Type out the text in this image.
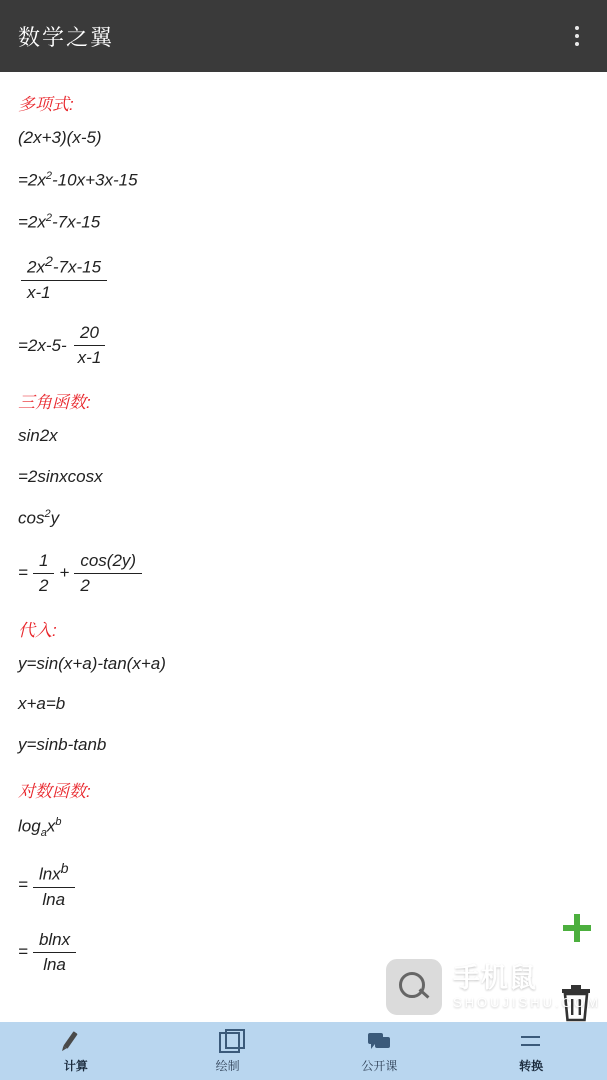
数学之翼
多项式:
(2x+3)(x-5)
$=2x^2-10x+3x-15$
$=2x^2-7x-15$
$\frac{2x^2-7x-15}{x-1}$
$=2x-5- \frac{20}{x-1}$
三角函数:
sin2x
=2sinxcosx
$\cos^2y$
= $\frac{1}{2} + \frac{\cos(2y)}{2}$
代入:
y=sin(x+a)-tan(x+a)
x+a=b
y=sinb-tanb
对数函数:
$\log_ax^b$
= $\frac{\ln x^b}{\ln a}$
= $\frac{blnx}{\ln a}$
手机鼠
SHOUJISHU.COM
计算	绘制	公开课	转换
